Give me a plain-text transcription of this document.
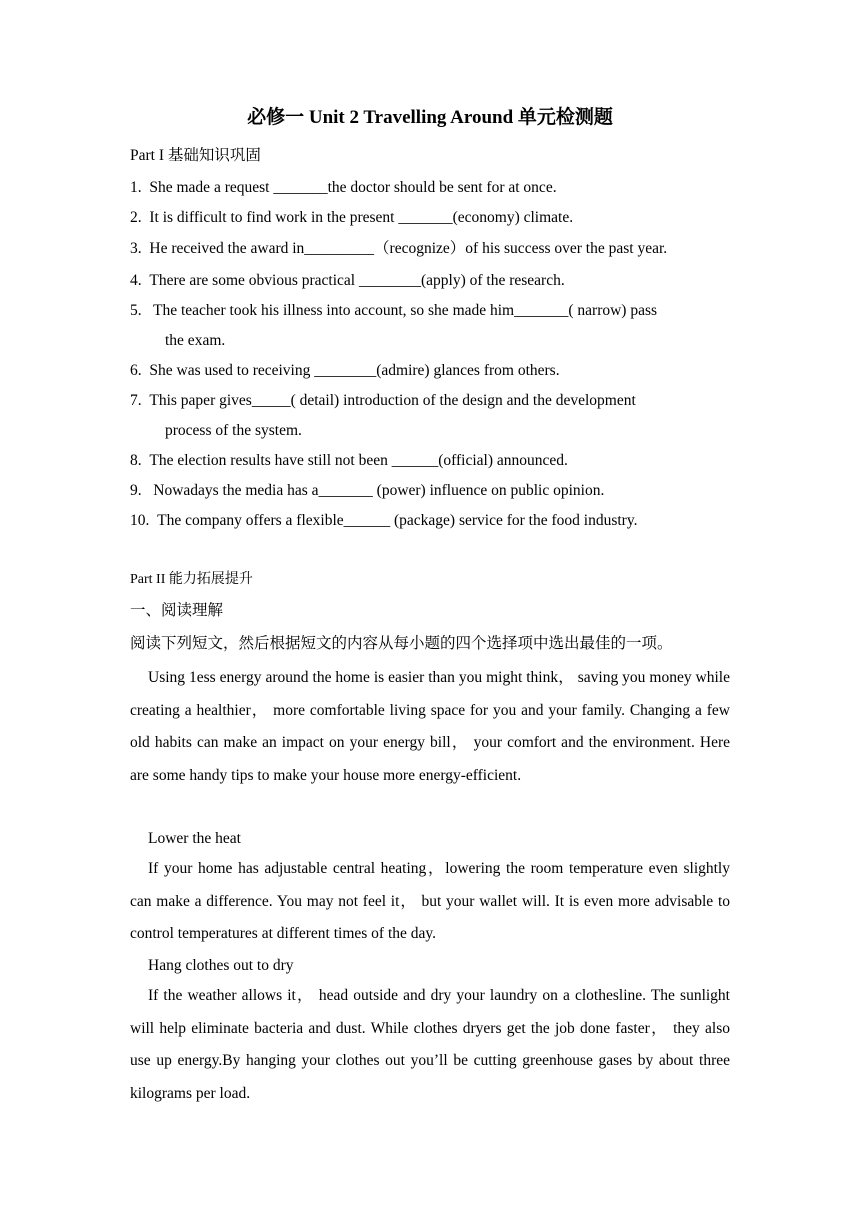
必修一 Unit 2 Travelling Around 单元检测题
Part I 基础知识巩固
1. She made a request _______the doctor should be sent for at once.
2. It is difficult to find work in the present _______(economy) climate.
3. He received the award in_________（recognize）of his success over the past year.
4. There are some obvious practical ________(apply) of the research.
5.   The teacher took his illness into account, so she made him_______( narrow) pass
the exam.
6. She was used to receiving ________(admire) glances from others.
7. This paper gives_____( detail) introduction of the design and the development
process of the system.
8. The election results have still not been ______(official) announced.
9.   Nowadays the media has a_______ (power) influence on public opinion.
10. The company offers a flexible______ (package) service for the food industry.
Part II 能力拓展提升
一、阅读理解
阅读下列短文，然后根据短文的内容从每小题的四个选择项中选出最佳的一项。
Using 1ess energy around the home is easier than you might think， saving you money while creating a healthier， more comfortable living space for you and your family. Changing a few old habits can make an impact on your energy bill， your comfort and the environment. Here are some handy tips to make your house more energy-efficient.
Lower the heat
If your home has adjustable central heating，lowering the room temperature even slightly can make a difference. You may not feel it， but your wallet will. It is even more advisable to control temperatures at different times of the day.
Hang clothes out to dry
If the weather allows it， head outside and dry your laundry on a clothesline. The sunlight will help eliminate bacteria and dust. While clothes dryers get the job done faster， they also use up energy.By hanging your clothes out you’ll be cutting greenhouse gases by about three kilograms per load.
